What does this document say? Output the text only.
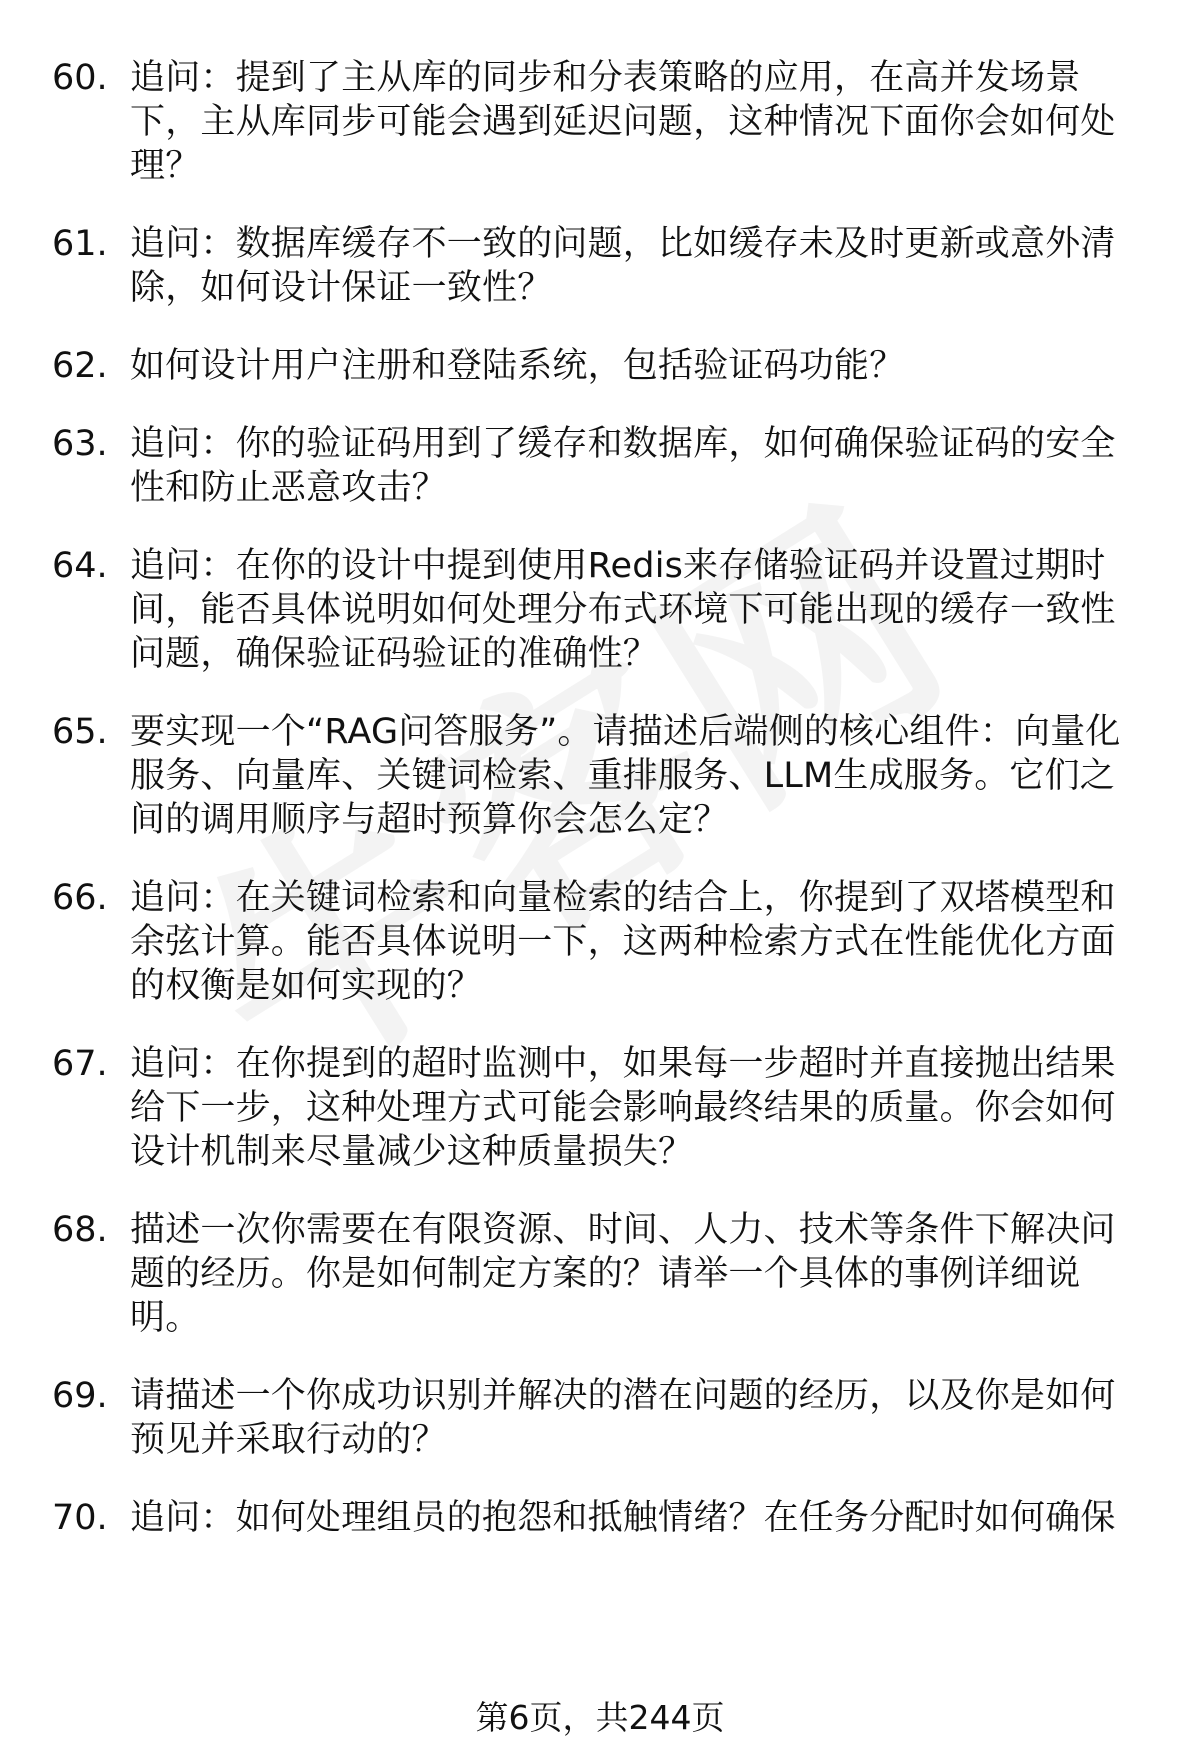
60. 追问：提到了主从库的同步和分表策略的应用，在高并发场景下，主从库同步可能会遇到延迟问题，这种情况下面你会如何处理？
61. 追问：数据库缓存不一致的问题，比如缓存未及时更新或意外清除，如何设计保证一致性？
62. 如何设计用户注册和登陆系统，包括验证码功能？
63. 追问：你的验证码用到了缓存和数据库，如何确保验证码的安全性和防止恶意攻击？
64. 追问：在你的设计中提到使用Redis来存储验证码并设置过期时间，能否具体说明如何处理分布式环境下可能出现的缓存一致性问题，确保验证码验证的准确性？
65. 要实现一个“RAG问答服务”。请描述后端侧的核心组件：向量化服务、向量库、关键词检索、重排服务、LLM生成服务。它们之间的调用顺序与超时预算你会怎么定？
66. 追问：在关键词检索和向量检索的结合上，你提到了双塔模型和余弦计算。能否具体说明一下，这两种检索方式在性能优化方面的权衡是如何实现的？
67. 追问：在你提到的超时监测中，如果每一步超时并直接抛出结果给下一步，这种处理方式可能会影响最终结果的质量。你会如何设计机制来尽量减少这种质量损失？
68. 描述一次你需要在有限资源、时间、人力、技术等条件下解决问题的经历。你是如何制定方案的？请举一个具体的事例详细说明。
69. 请描述一个你成功识别并解决的潜在问题的经历，以及你是如何预见并采取行动的？
70. 追问：如何处理组员的抱怨和抵触情绪？在任务分配时如何确保
第6页，共244页
